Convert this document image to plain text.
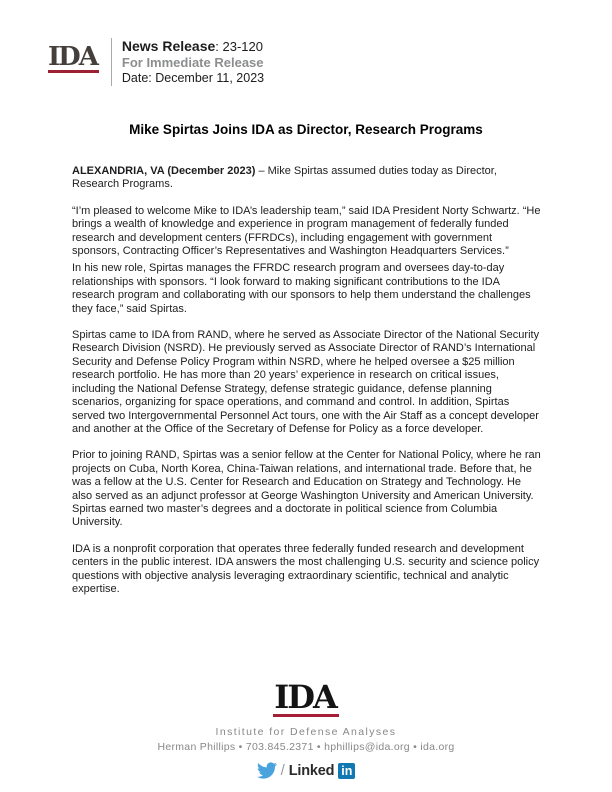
IDA News Release: 23-120
For Immediate Release
Date: December 11, 2023
Mike Spirtas Joins IDA as Director, Research Programs

ALEXANDRIA, VA (December 2023) – Mike Spirtas assumed duties today as Director, Research Programs.

“I’m pleased to welcome Mike to IDA’s leadership team,” said IDA President Norty Schwartz. “He brings a wealth of knowledge and experience in program management of federally funded research and development centers (FFRDCs), including engagement with government sponsors, Contracting Officer’s Representatives and Washington Headquarters Services.”

In his new role, Spirtas manages the FFRDC research program and oversees day-to-day relationships with sponsors. “I look forward to making significant contributions to the IDA research program and collaborating with our sponsors to help them understand the challenges they face,” said Spirtas.

Spirtas came to IDA from RAND, where he served as Associate Director of the National Security Research Division (NSRD). He previously served as Associate Director of RAND’s International Security and Defense Policy Program within NSRD, where he helped oversee a $25 million research portfolio. He has more than 20 years’ experience in research on critical issues, including the National Defense Strategy, defense strategic guidance, defense planning scenarios, organizing for space operations, and command and control. In addition, Spirtas served two Intergovernmental Personnel Act tours, one with the Air Staff as a concept developer and another at the Office of the Secretary of Defense for Policy as a force developer.

Prior to joining RAND, Spirtas was a senior fellow at the Center for National Policy, where he ran projects on Cuba, North Korea, China-Taiwan relations, and international trade. Before that, he was a fellow at the U.S. Center for Research and Education on Strategy and Technology. He also served as an adjunct professor at George Washington University and American University. Spirtas earned two master’s degrees and a doctorate in political science from Columbia University.

IDA is a nonprofit corporation that operates three federally funded research and development centers in the public interest. IDA answers the most challenging U.S. security and science policy questions with objective analysis leveraging extraordinary scientific, technical and analytic expertise.

IDA
Institute for Defense Analyses
Herman Phillips • 703.845.2371 • hphillips@ida.org • ida.org
/ Linked in
